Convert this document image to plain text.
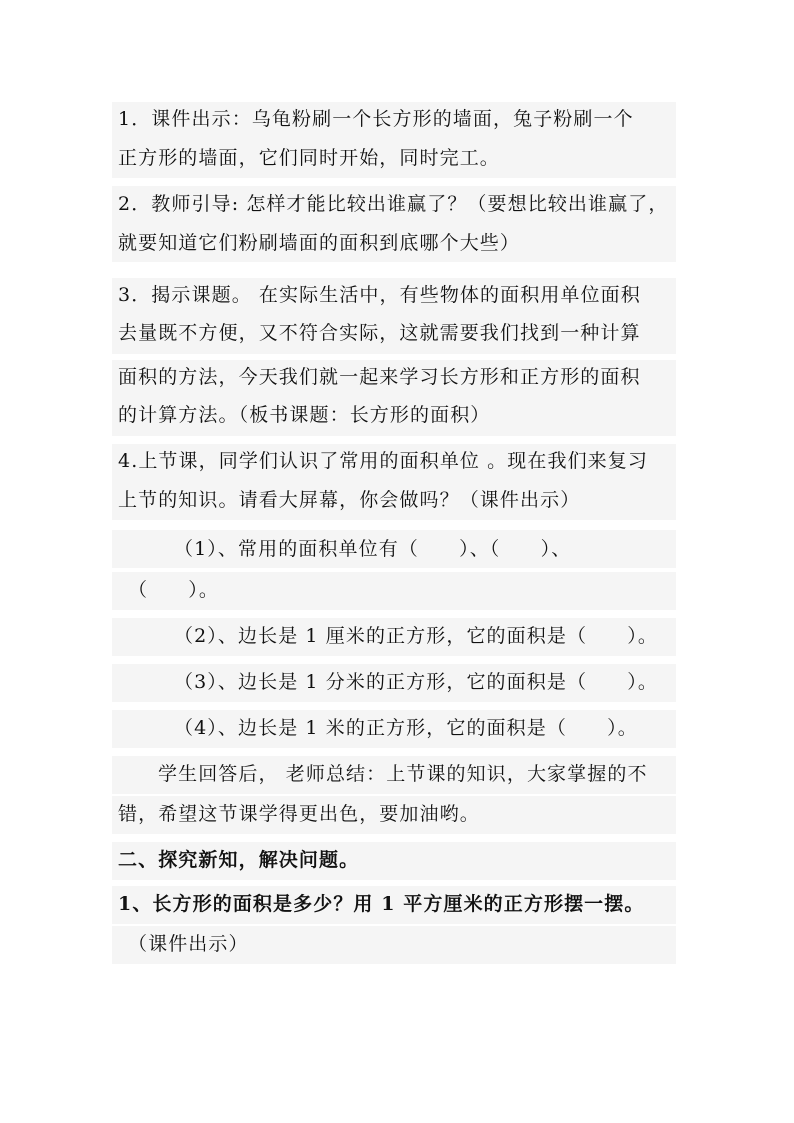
1．课件出示：乌龟粉刷一个长方形的墙面，兔子粉刷一个
正方形的墙面，它们同时开始，同时完工。
2．教师引导: 怎样才能比较出谁赢了？（要想比较出谁赢了，
就要知道它们粉刷墙面的面积到底哪个大些）
3．揭示课题。 在实际生活中，有些物体的面积用单位面积
去量既不方便，又不符合实际，这就需要我们找到一种计算
面积的方法，今天我们就一起来学习长方形和正方形的面积
的计算方法。（板书课题：长方形的面积）
4.上节课，同学们认识了常用的面积单位 。现在我们来复习
上节的知识。请看大屏幕，你会做吗？（课件出示）
（1）、常用的面积单位有（　　）、（　　）、
（　　）。
（2）、边长是 1 厘米的正方形，它的面积是（　　）。
（3）、边长是 1 分米的正方形，它的面积是（　　）。
（4）、边长是 1 米的正方形，它的面积是（　　）。
学生回答后， 老师总结：上节课的知识，大家掌握的不
错，希望这节课学得更出色，要加油哟。
二、探究新知，解决问题。
1、长方形的面积是多少？用 1 平方厘米的正方形摆一摆。
（课件出示）
